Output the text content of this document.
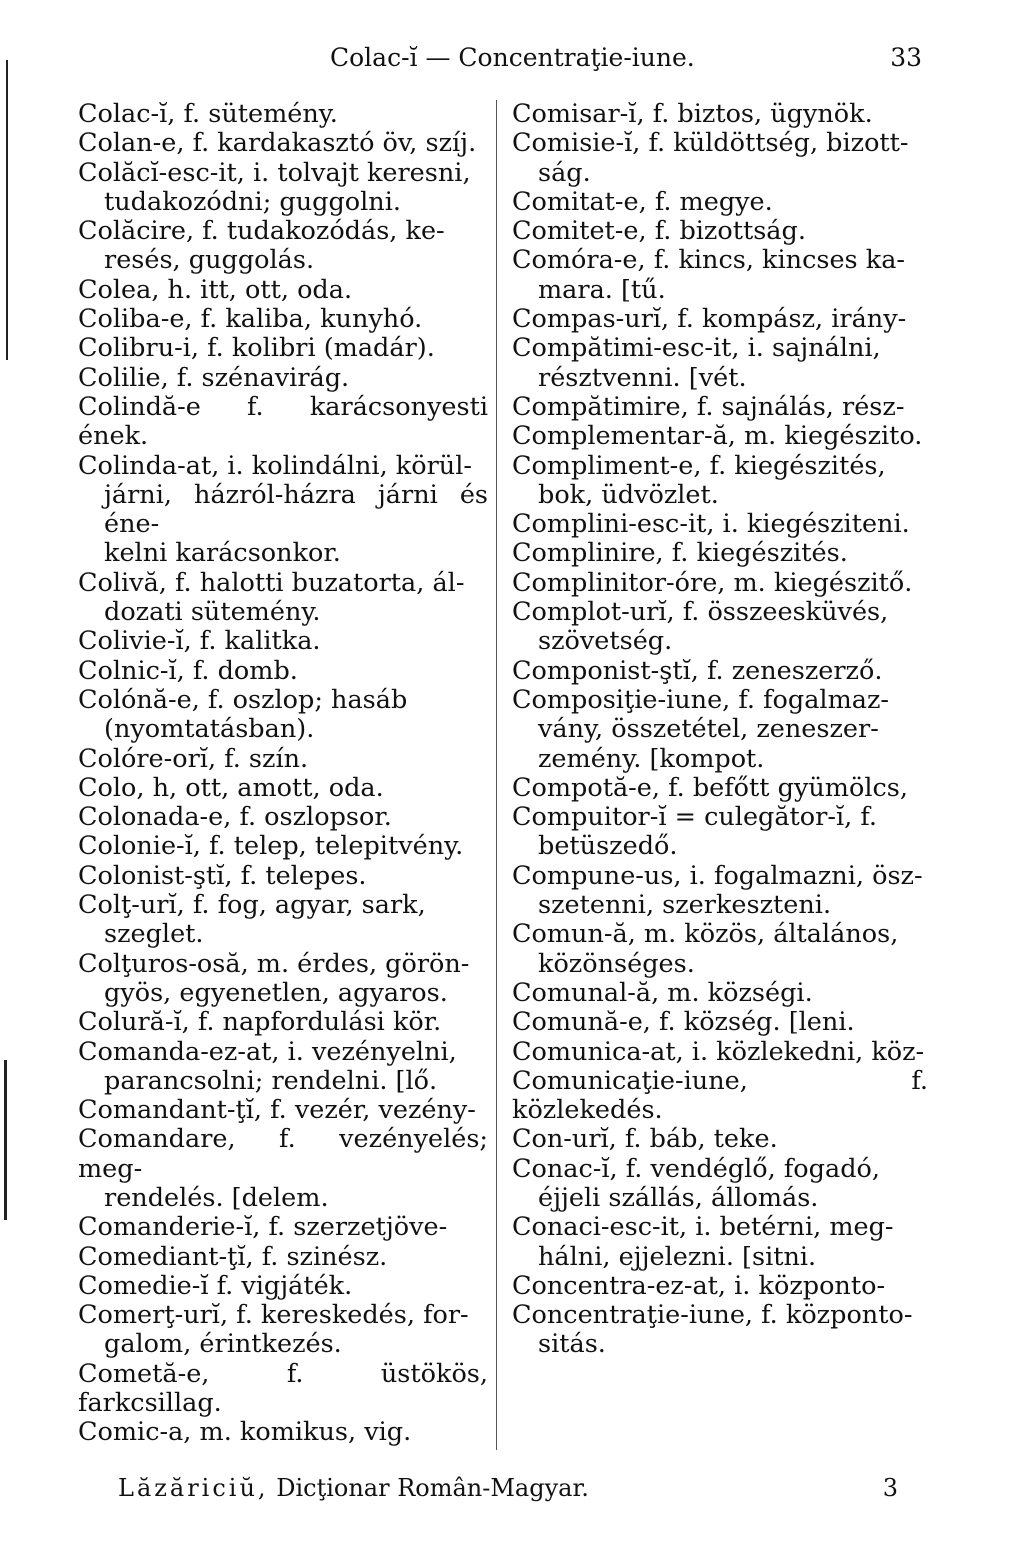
Colac-ĭ — Concentraţie-iune.	33
Colac-ĭ, f. sütemény.
Colan-e, f. kardakasztó öv, szíj.
Colăcĭ-esc-it, i. tolvajt keresni,
tudakozódni; guggolni.
Colăcire, f. tudakozódás, ke-
resés, guggolás.
Colea, h. itt, ott, oda.
Coliba-e, f. kaliba, kunyhó.
Colibru-i, f. kolibri (madár).
Colilie, f. szénavirág.
Colindă-e f. karácsonyesti ének.
Colinda-at, i. kolindálni, körül-
járni, házról-házra járni és éne-
kelni karácsonkor.
Colivă, f. halotti buzatorta, ál-
dozati sütemény.
Colivie-ĭ, f. kalitka.
Colnic-ĭ, f. domb.
Colónă-e, f. oszlop; hasáb
(nyomtatásban).
Colóre-orĭ, f. szín.
Colo, h, ott, amott, oda.
Colonada-e, f. oszlopsor.
Colonie-ĭ, f. telep, telepitvény.
Colonist-ştĭ, f. telepes.
Colţ-urĭ, f. fog, agyar, sark,
szeglet.
Colţuros-osă, m. érdes, görön-
gyös, egyenetlen, agyaros.
Colură-ĭ, f. napfordulási kör.
Comanda-ez-at, i. vezényelni,
parancsolni; rendelni. [lő.
Comandant-ţĭ, f. vezér, vezény-
Comandare, f. vezényelés; meg-
rendelés. [delem.
Comanderie-ĭ, f. szerzetjöve-
Comediant-ţĭ, f. szinész.
Comedie-ĭ f. vigjáték.
Comerţ-urĭ, f. kereskedés, for-
galom, érintkezés.
Cometă-e, f. üstökös, farkcsillag.
Comic-a, m. komikus, vig.
Comisar-ĭ, f. biztos, ügynök.
Comisie-ĭ, f. küldöttség, bizott-
ság.
Comitat-e, f. megye.
Comitet-e, f. bizottság.
Comóra-e, f. kincs, kincses ka-
mara. [tű.
Compas-urĭ, f. kompász, irány-
Compătimi-esc-it, i. sajnálni,
résztvenni. [vét.
Compătimire, f. sajnálás, rész-
Complementar-ă, m. kiegészito.
Compliment-e, f. kiegészités,
bok, üdvözlet.
Complini-esc-it, i. kiegésziteni.
Complinire, f. kiegészités.
Complinitor-óre, m. kiegészitő.
Complot-urĭ, f. összeesküvés,
szövetség.
Componist-ştĭ, f. zeneszerző.
Composiţie-iune, f. fogalmaz-
vány, összetétel, zeneszer-
zemény. [kompot.
Compotă-e, f. befőtt gyümölcs,
Compuitor-ĭ = culegător-ĭ, f.
betüszedő.
Compune-us, i. fogalmazni, ösz-
szetenni, szerkeszteni.
Comun-ă, m. közös, általános,
közönséges.
Comunal-ă, m. községi.
Comună-e, f. község. [leni.
Comunica-at, i. közlekedni, köz-
Comunicaţie-iune, f. közlekedés.
Con-urĭ, f. báb, teke.
Conac-ĭ, f. vendéglő, fogadó,
éjjeli szállás, állomás.
Conaci-esc-it, i. betérni, meg-
hálni, ejjelezni. [sitni.
Concentra-ez-at, i. központo-
Concentraţie-iune, f. központo-
sitás.
Lăzăriciŭ, Dicţionar Român-Magyar.	3
